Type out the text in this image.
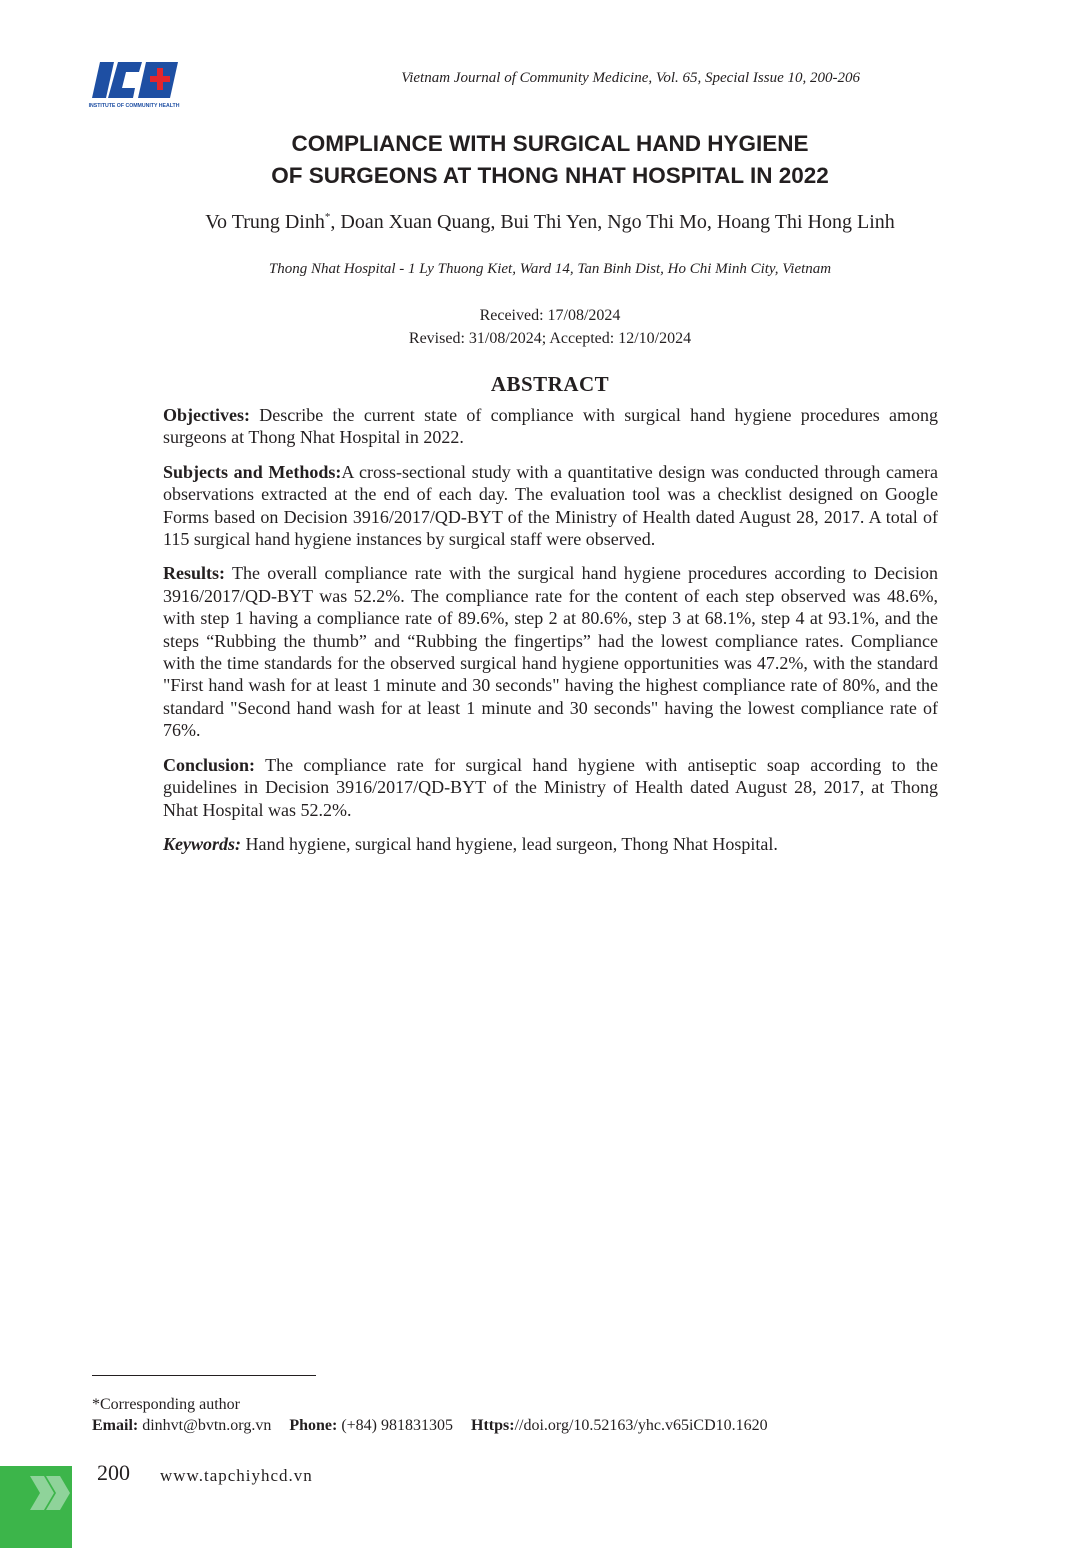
INSTITUTE OF COMMUNITY HEALTH
Vietnam Journal of Community Medicine, Vol. 65, Special Issue 10, 200-206
COMPLIANCE WITH SURGICAL HAND HYGIENE
OF SURGEONS AT THONG NHAT HOSPITAL IN 2022
Vo Trung Dinh*, Doan Xuan Quang, Bui Thi Yen, Ngo Thi Mo, Hoang Thi Hong Linh
Thong Nhat Hospital - 1 Ly Thuong Kiet, Ward 14, Tan Binh Dist, Ho Chi Minh City, Vietnam
Received: 17/08/2024
Revised: 31/08/2024; Accepted: 12/10/2024
ABSTRACT

Objectives: Describe the current state of compliance with surgical hand hygiene procedures among surgeons at Thong Nhat Hospital in 2022.

Subjects and Methods:A cross-sectional study with a quantitative design was conducted through camera observations extracted at the end of each day. The evaluation tool was a checklist designed on Google Forms based on Decision 3916/2017/QD-BYT of the Ministry of Health dated August 28, 2017. A total of 115 surgical hand hygiene instances by surgical staff were observed.

Results: The overall compliance rate with the surgical hand hygiene procedures according to Decision 3916/2017/QD-BYT was 52.2%. The compliance rate for the content of each step observed was 48.6%, with step 1 having a compliance rate of 89.6%, step 2 at 80.6%, step 3 at 68.1%, step 4 at 93.1%, and the steps “Rubbing the thumb” and “Rubbing the fingertips” had the lowest compliance rates. Compliance with the time standards for the observed surgical hand hygiene opportunities was 47.2%, with the standard "First hand wash for at least 1 minute and 30 seconds" having the highest compliance rate of 80%, and the standard "Second hand wash for at least 1 minute and 30 seconds" having the lowest compliance rate of 76%.

Conclusion: The compliance rate for surgical hand hygiene with antiseptic soap according to the guidelines in Decision 3916/2017/QD-BYT of the Ministry of Health dated August 28, 2017, at Thong Nhat Hospital was 52.2%.

Keywords: Hand hygiene, surgical hand hygiene, lead surgeon, Thong Nhat Hospital.

*Corresponding author
Email: dinhvt@bvtn.org.vn Phone: (+84) 981831305 Https://doi.org/10.52163/yhc.v65iCD10.1620
200 www.tapchiyhcd.vn
